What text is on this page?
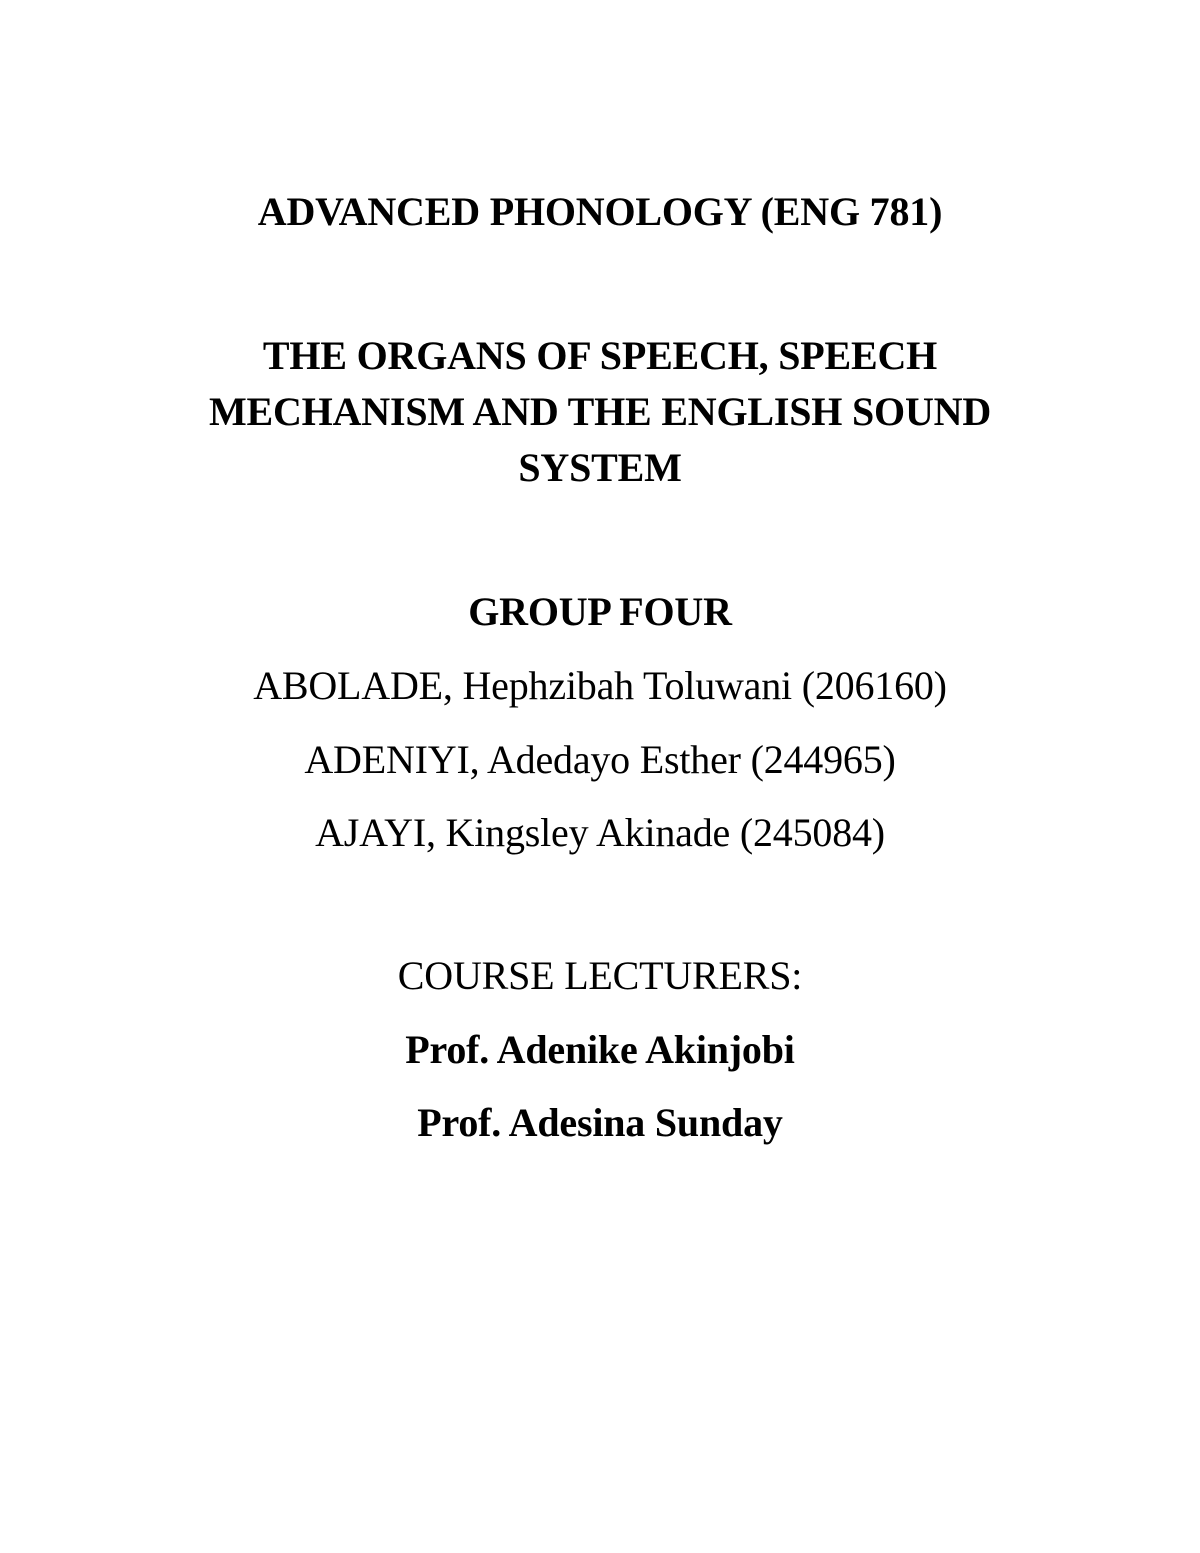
ADVANCED PHONOLOGY (ENG 781)
THE ORGANS OF SPEECH, SPEECH
MECHANISM AND THE ENGLISH SOUND
SYSTEM
GROUP FOUR
ABOLADE, Hephzibah Toluwani (206160)
ADENIYI, Adedayo Esther (244965)
AJAYI, Kingsley Akinade (245084)
COURSE LECTURERS:
Prof. Adenike Akinjobi
Prof. Adesina Sunday
